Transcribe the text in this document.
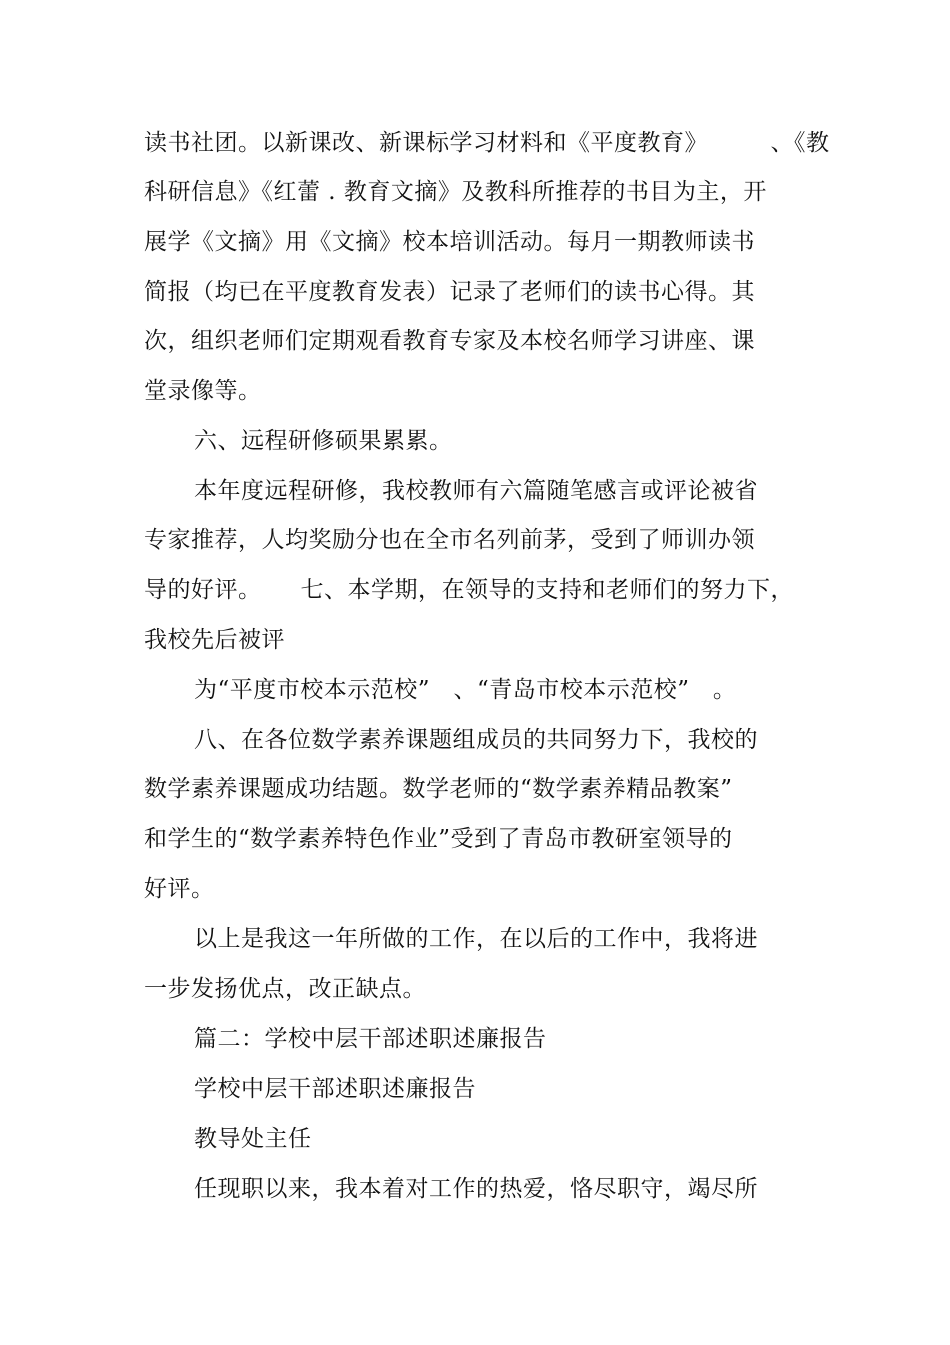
读书社团。以新课改、新课标学习材料和《平度教育》        、《教
科研信息》《红蕾 . 教育文摘》及教科所推荐的书目为主，开
展学《文摘》用《文摘》校本培训活动。每月一期教师读书
简报（均已在平度教育发表）记录了老师们的读书心得。其
次，组织老师们定期观看教育专家及本校名师学习讲座、课
堂录像等。
六、远程研修硕果累累。
本年度远程研修，我校教师有六篇随笔感言或评论被省
专家推荐，人均奖励分也在全市名列前茅，受到了师训办领
导的好评。     七、本学期，在领导的支持和老师们的努力下，
我校先后被评
为“平度市校本示范校”   、“青岛市校本示范校”   。
八、在各位数学素养课题组成员的共同努力下，我校的
数学素养课题成功结题。数学老师的“数学素养精品教案”
和学生的“数学素养特色作业”受到了青岛市教研室领导的
好评。
以上是我这一年所做的工作，在以后的工作中，我将进
一步发扬优点，改正缺点。
篇二：学校中层干部述职述廉报告
学校中层干部述职述廉报告
教导处主任
任现职以来，我本着对工作的热爱，恪尽职守，竭尽所
